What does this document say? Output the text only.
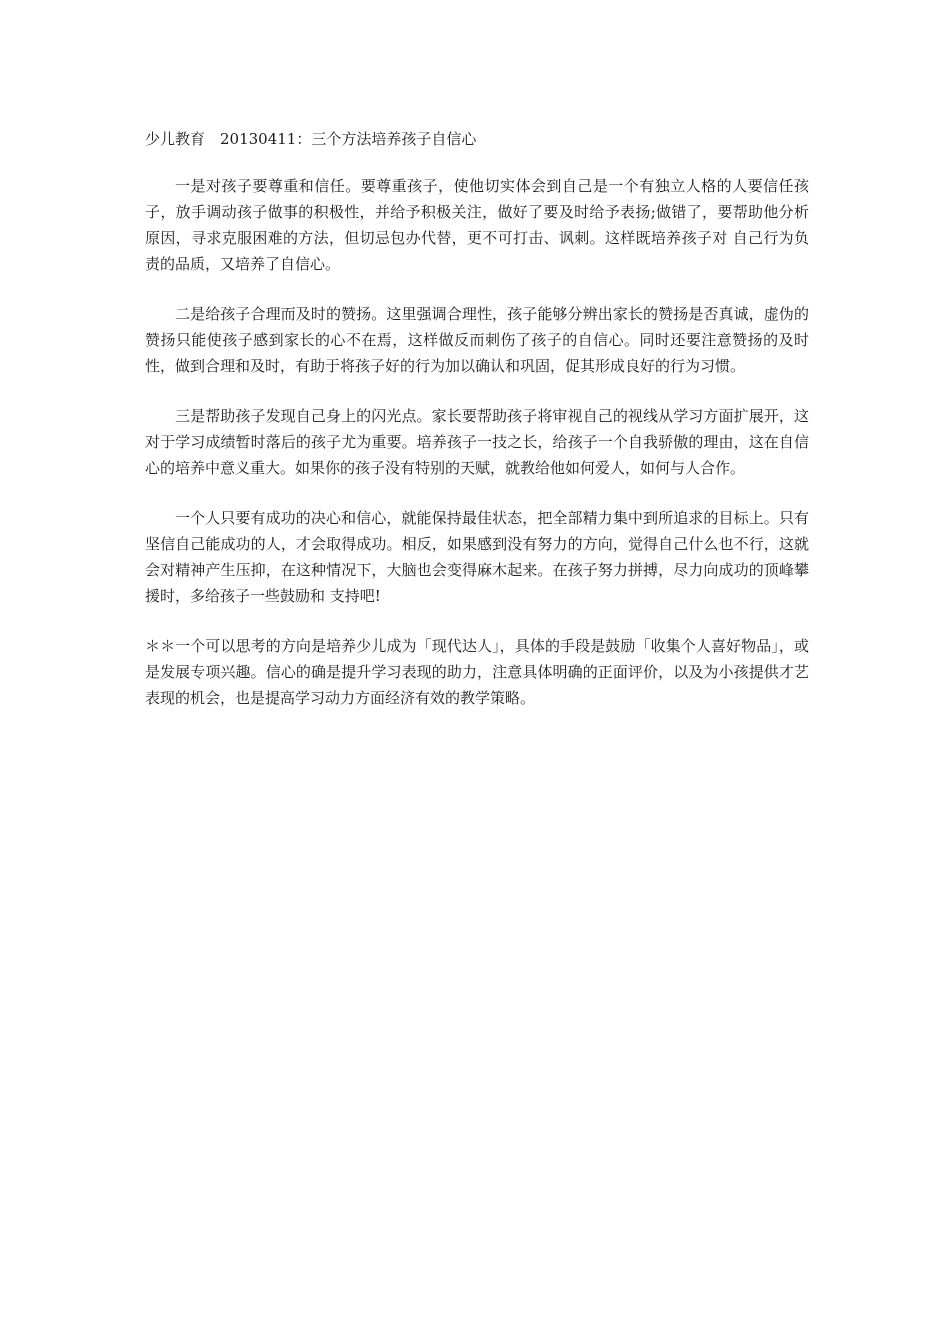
少儿教育　20130411：三个方法培养孩子自信心

一是对孩子要尊重和信任。要尊重孩子，使他切实体会到自己是一个有独立人格的人要信任孩子，放手调动孩子做事的积极性，并给予积极关注，做好了要及时给予表扬;做错了，要帮助他分析原因，寻求克服困难的方法，但切忌包办代替，更不可打击、讽刺。这样既培养孩子对 自己行为负责的品质，又培养了自信心。

二是给孩子合理而及时的赞扬。这里强调合理性，孩子能够分辨出家长的赞扬是否真诚，虚伪的赞扬只能使孩子感到家长的心不在焉，这样做反而刺伤了孩子的自信心。同时还要注意赞扬的及时性，做到合理和及时，有助于将孩子好的行为加以确认和巩固，促其形成良好的行为习惯。

三是帮助孩子发现自己身上的闪光点。家长要帮助孩子将审视自己的视线从学习方面扩展开，这对于学习成绩暂时落后的孩子尤为重要。培养孩子一技之长，给孩子一个自我骄傲的理由，这在自信心的培养中意义重大。如果你的孩子没有特别的天赋，就教给他如何爱人，如何与人合作。

一个人只要有成功的决心和信心，就能保持最佳状态，把全部精力集中到所追求的目标上。只有坚信自己能成功的人，才会取得成功。相反，如果感到没有努力的方向，觉得自己什么也不行，这就会对精神产生压抑，在这种情况下，大脑也会变得麻木起来。在孩子努力拼搏，尽力向成功的顶峰攀援时，多给孩子一些鼓励和 支持吧!

＊＊一个可以思考的方向是培养少儿成为「现代达人」，具体的手段是鼓励「收集个人喜好物品」，或是发展专项兴趣。信心的确是提升学习表现的助力，注意具体明确的正面评价，以及为小孩提供才艺表现的机会，也是提高学习动力方面经济有效的教学策略。
